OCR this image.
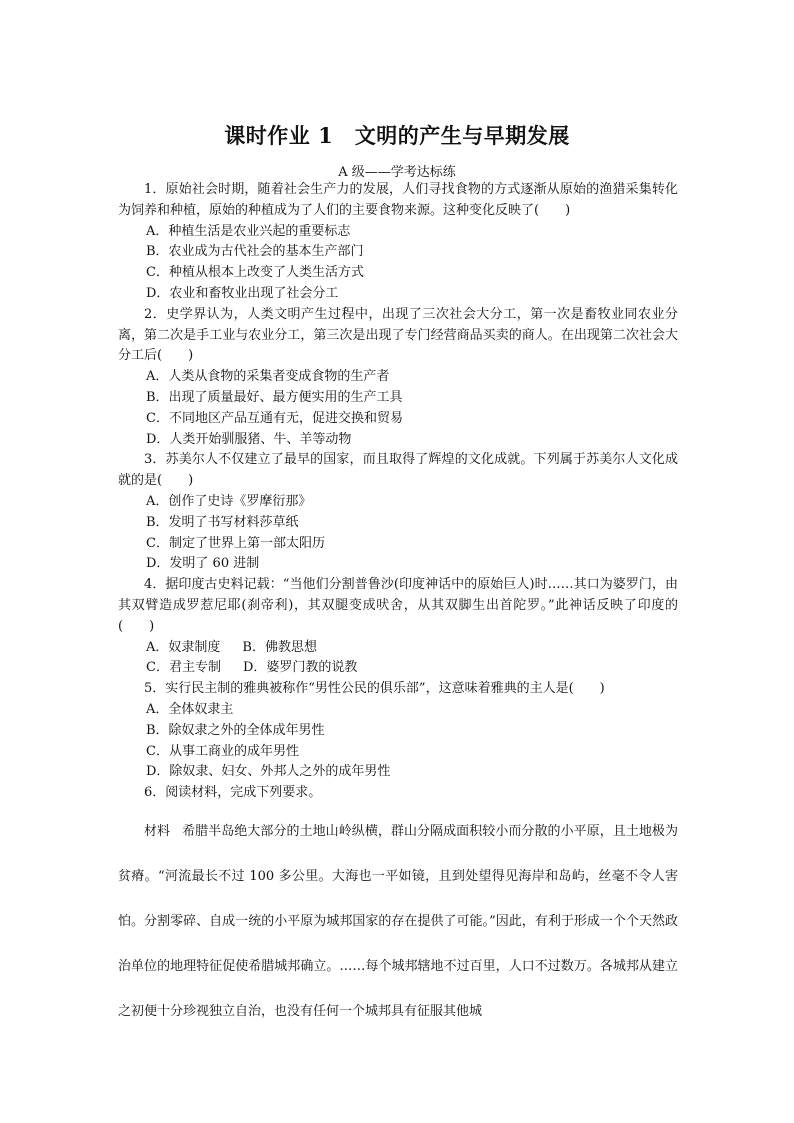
课时作业 1　文明的产生与早期发展
A 级——学考达标练

1．原始社会时期，随着社会生产力的发展，人们寻找食物的方式逐渐从原始的渔猎采集转化为饲养和种植，原始的种植成为了人们的主要食物来源。这种变化反映了(　　)

A．种植生活是农业兴起的重要标志

B．农业成为古代社会的基本生产部门

C．种植从根本上改变了人类生活方式

D．农业和畜牧业出现了社会分工

2．史学界认为，人类文明产生过程中，出现了三次社会大分工，第一次是畜牧业同农业分离，第二次是手工业与农业分工，第三次是出现了专门经营商品买卖的商人。在出现第二次社会大分工后(　　)

A．人类从食物的采集者变成食物的生产者

B．出现了质量最好、最方便实用的生产工具

C．不同地区产品互通有无，促进交换和贸易

D．人类开始驯服猪、牛、羊等动物

3．苏美尔人不仅建立了最早的国家，而且取得了辉煌的文化成就。下列属于苏美尔人文化成就的是(　　)

A．创作了史诗《罗摩衍那》

B．发明了书写材料莎草纸

C．制定了世界上第一部太阳历

D．发明了 60 进制

4．据印度古史料记载：“当他们分割普鲁沙(印度神话中的原始巨人)时……其口为婆罗门，由其双臂造成罗惹尼耶(刹帝利)，其双腿变成吠舍，从其双脚生出首陀罗。”此神话反映了印度的(　　)

A．奴隶制度 B．佛教思想

C．君主专制 D．婆罗门教的说教

5．实行民主制的雅典被称作“男性公民的俱乐部”，这意味着雅典的主人是(　　)

A．全体奴隶主

B．除奴隶之外的全体成年男性

C．从事工商业的成年男性

D．除奴隶、妇女、外邦人之外的成年男性

6．阅读材料，完成下列要求。

材料 希腊半岛绝大部分的土地山岭纵横，群山分隔成面积较小而分散的小平原，且土地极为贫瘠。“河流最长不过 100 多公里。大海也一平如镜，且到处望得见海岸和岛屿，丝毫不令人害怕。分割零碎、自成一统的小平原为城邦国家的存在提供了可能。”因此，有利于形成一个个天然政治单位的地理特征促使希腊城邦确立。……每个城邦辖地不过百里，人口不过数万。各城邦从建立之初便十分珍视独立自治，也没有任何一个城邦具有征服其他城
